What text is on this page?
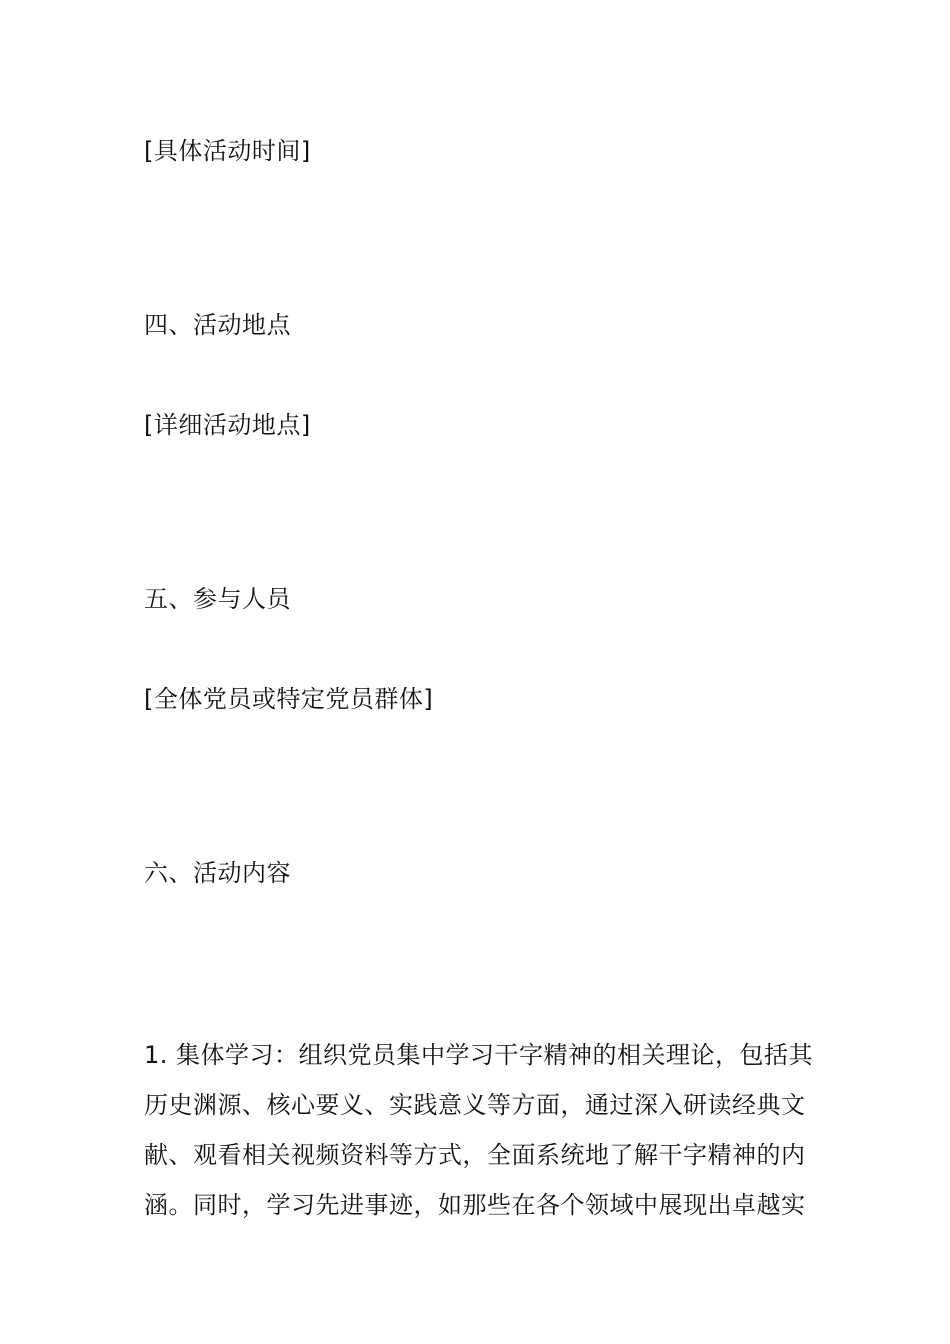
[具体活动时间]
四、活动地点
[详细活动地点]
五、参与人员
[全体党员或特定党员群体]
六、活动内容
1. 集体学习：组织党员集中学习干字精神的相关理论，包括其
历史渊源、核心要义、实践意义等方面，通过深入研读经典文
献、观看相关视频资料等方式，全面系统地了解干字精神的内
涵。同时，学习先进事迹，如那些在各个领域中展现出卓越实
